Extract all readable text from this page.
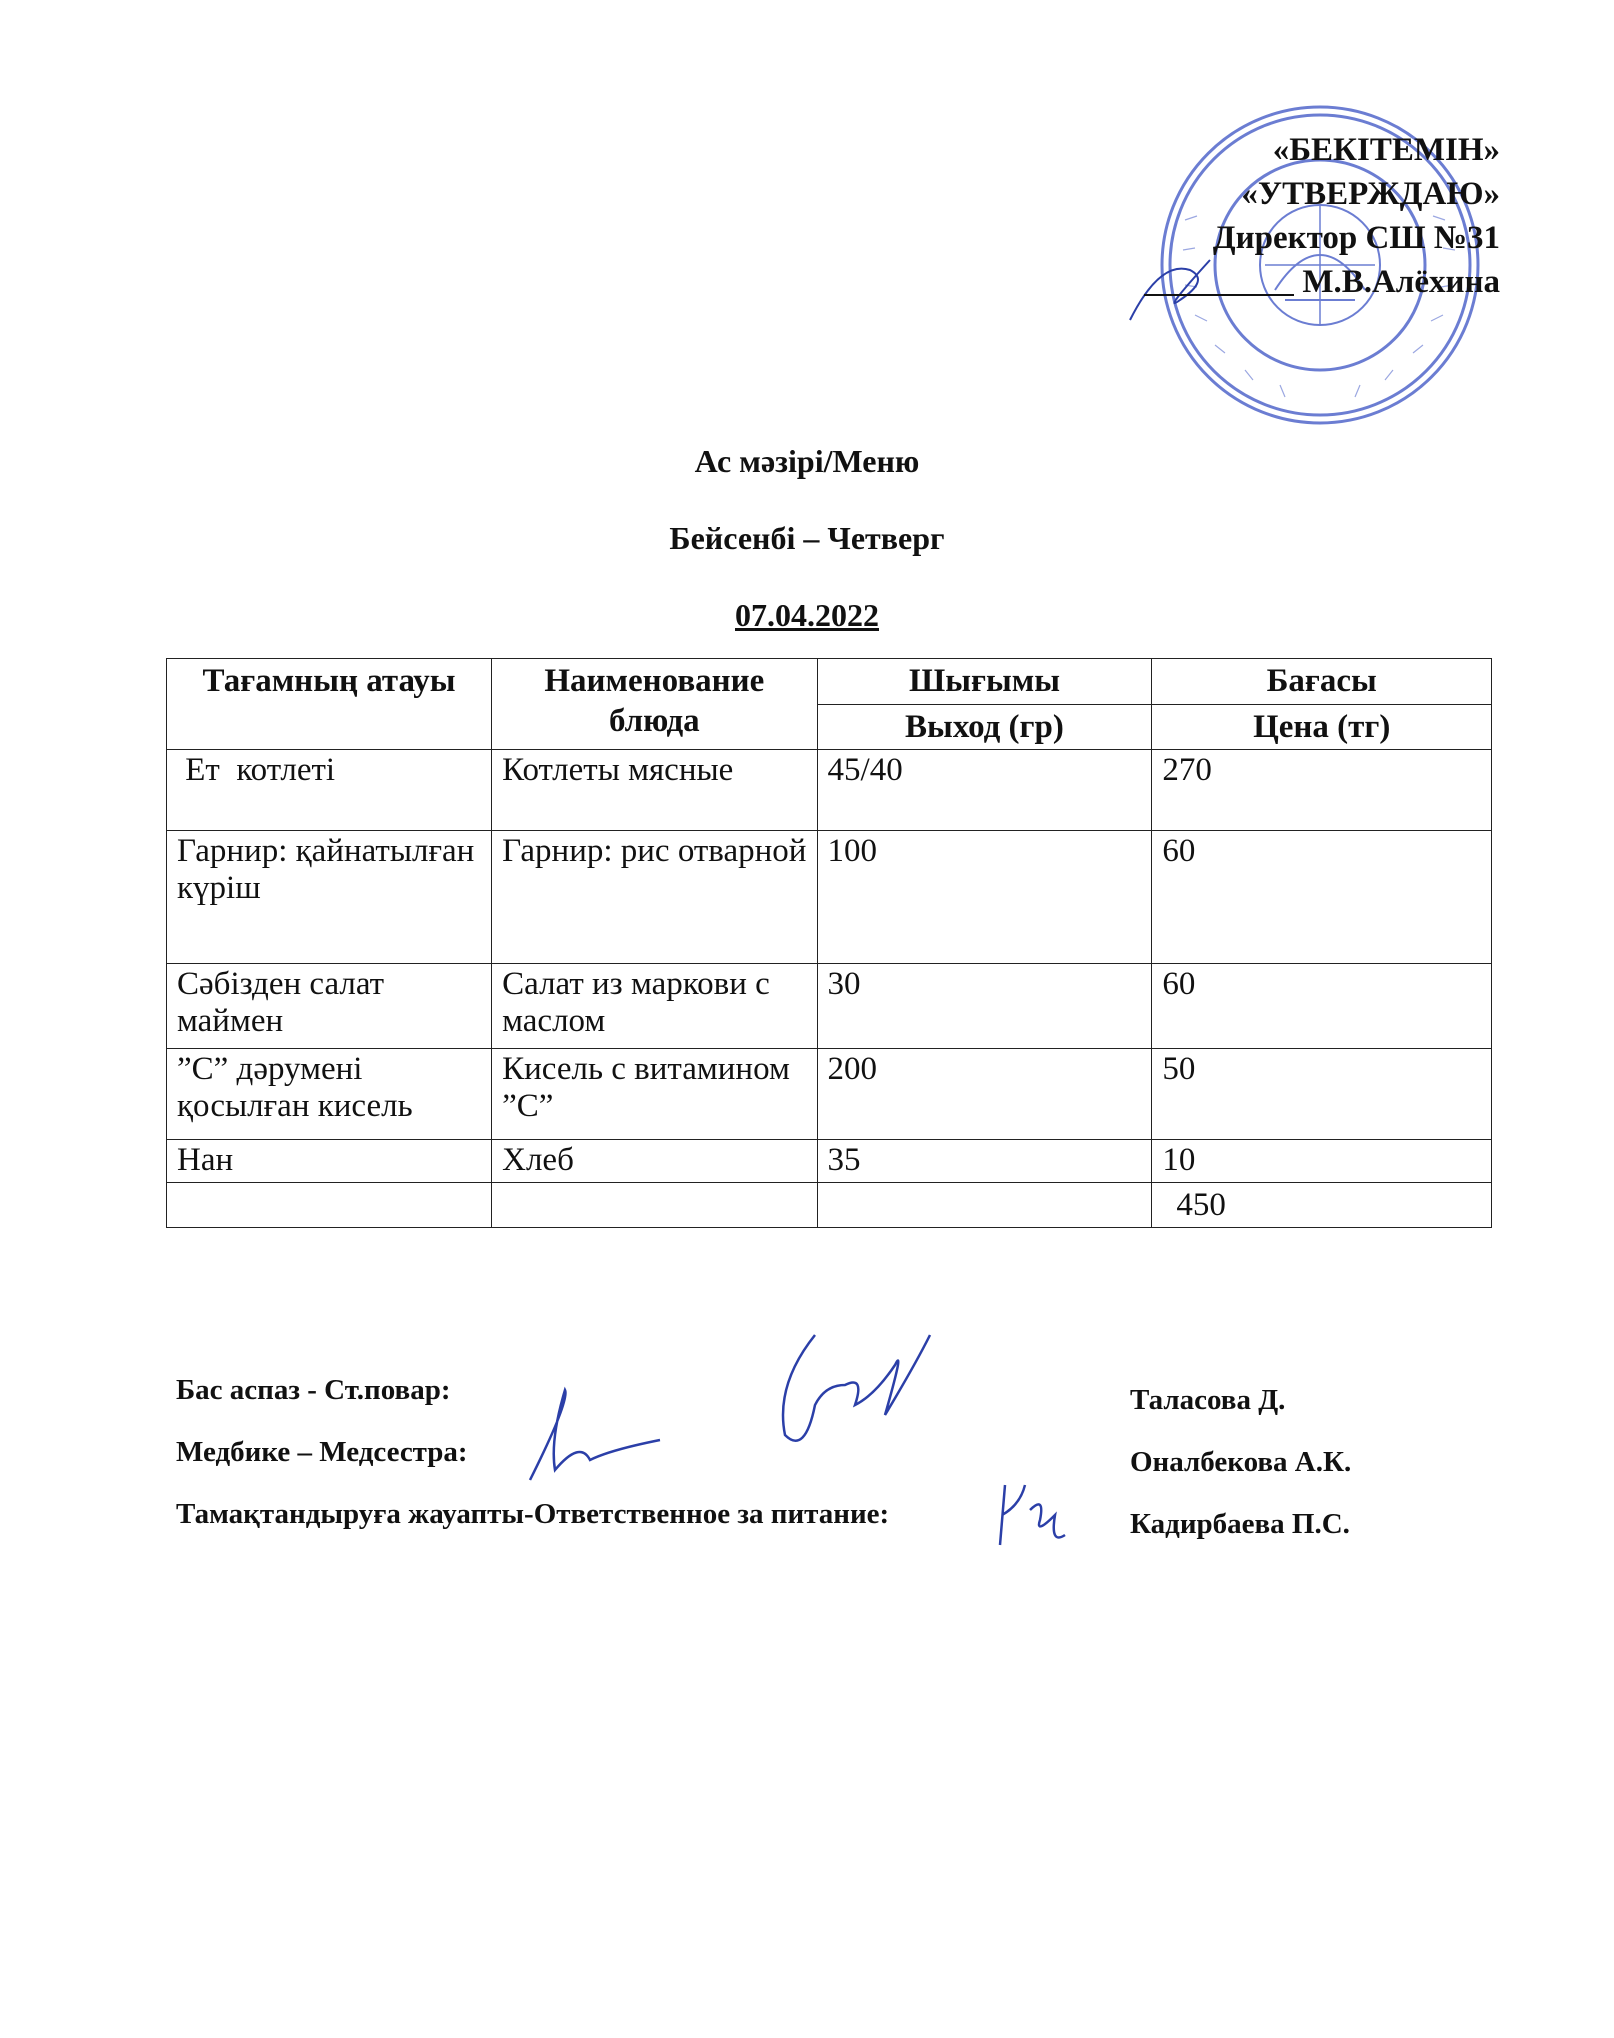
«БЕКІТЕМІН»
«УТВЕРЖДАЮ»
Директор СШ №31
М.В.Алёхина
Ас мәзірі/Меню
Бейсенбі – Четверг
07.04.2022
Тағамның атауы	Наименование блюда	Шығымы	Бағасы
		Выход (гр)	Цена (тг)
Ет  котлеті	Котлеты мясные	45/40	270
Гарнир: қайнатылған күріш	Гарнир: рис отварной	100	60
Сәбізден салат маймен	Салат из маркови с маслом	30	60
”С” дәрумені қосылған кисель	Кисель с витамином ”С”	200	50
Нан	Хлеб	35	10
			450
Бас аспаз - Ст.повар:
Медбике – Медсестра:
Тамақтандыруға жауапты-Ответственное за питание:
Таласова Д.
Оналбекова А.К.
Кадирбаева П.С.
